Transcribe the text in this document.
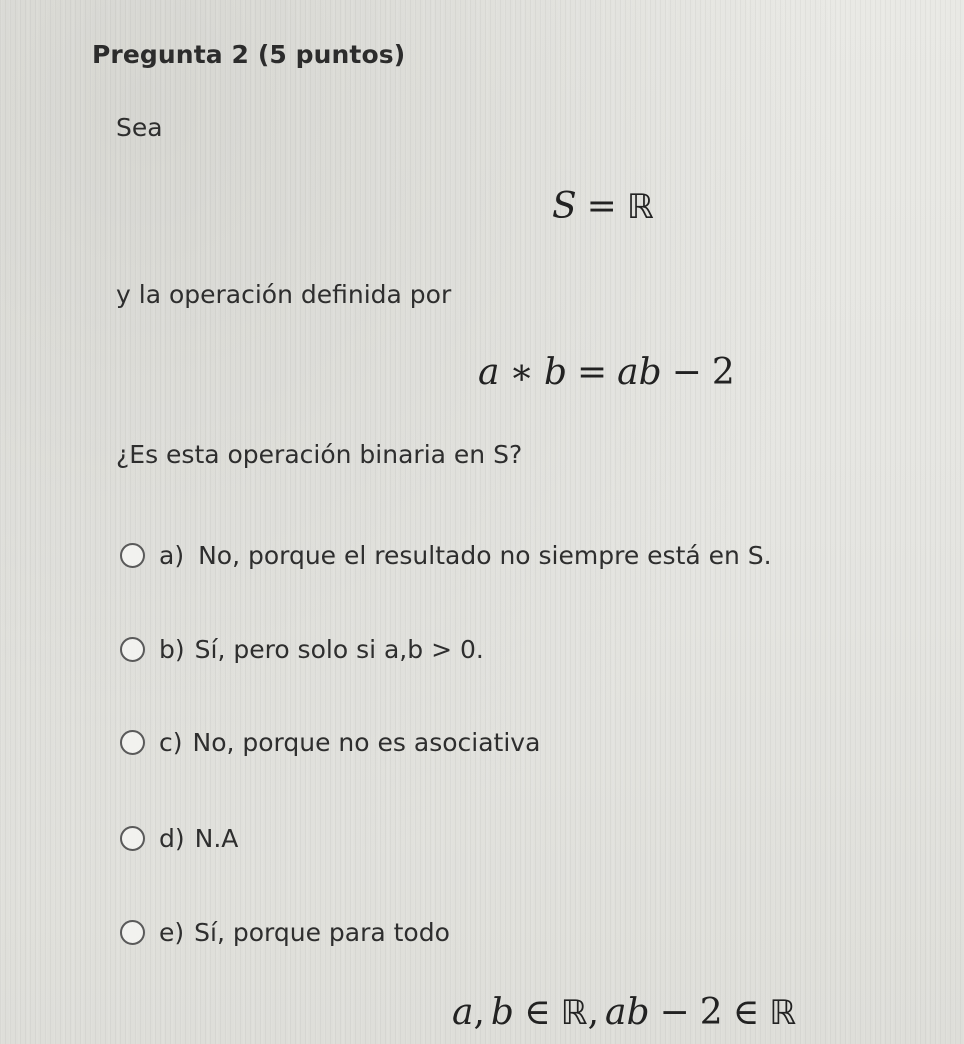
Pregunta 2 (5 puntos)
Sea
S = ℝ
y la operación definida por
a ∗ b = ab − 2
¿Es esta operación binaria en S?
a) No, porque el resultado no siempre está en S.
b) Sí, pero solo si a,b > 0.
c) No, porque no es asociativa
d) N.A
e) Sí, porque para todo
a, b ∈ ℝ, ab − 2 ∈ ℝ
